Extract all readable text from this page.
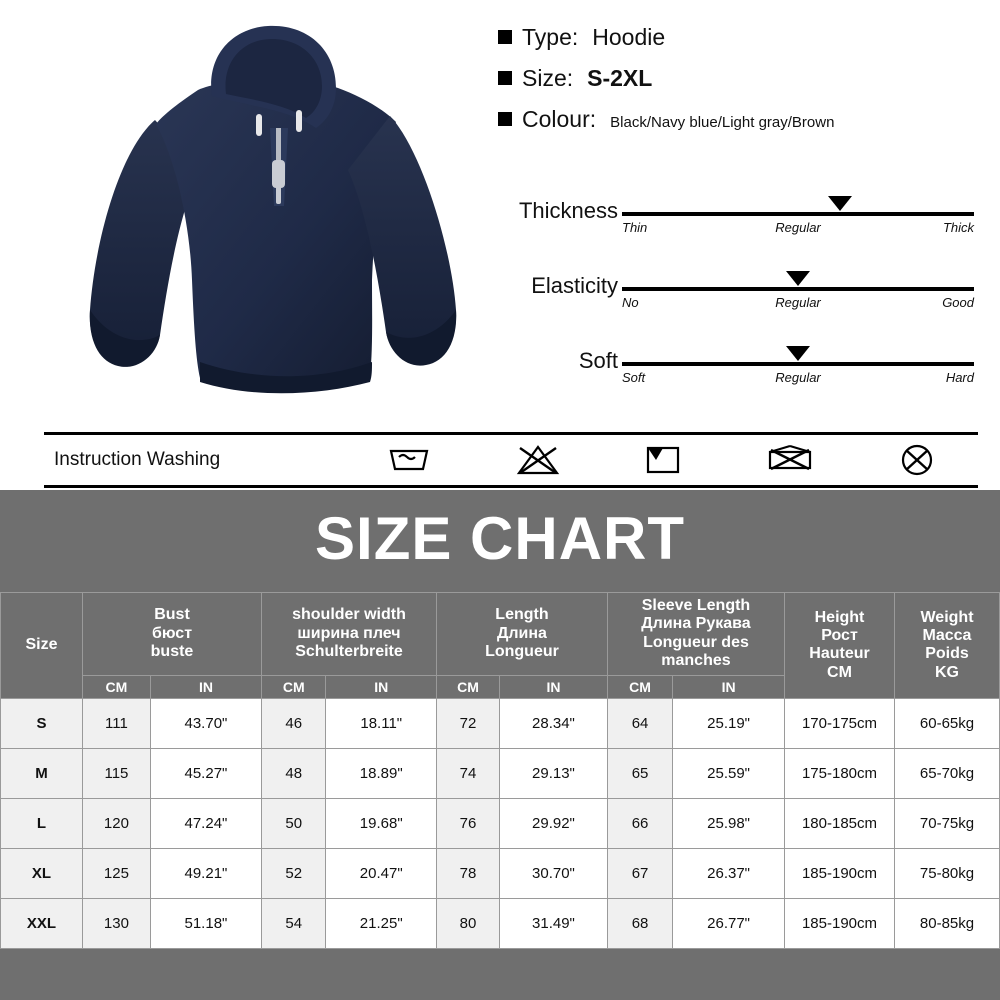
Type: Hoodie
Size: S-2XL
Colour: Black/Navy blue/Light gray/Brown
Thickness
Thin	Regular	Thick
Elasticity
No	Regular	Good
Soft
Soft	Regular	Hard
Instruction Washing
SIZE CHART
Size	
Bust
бюст
buste

shoulder width
ширина плеч
Schulterbreite

Length
Длина
Longueur

Sleeve Length
Длина Рукава
Longueur des
manches

Height
Рост
Hauteur
CM

Weight
Macca
Poids
KG

	CM	IN	CM	IN	CM	IN	CM	IN		
S	111	43.70"	46	18.11"	72	28.34"	64	25.19"	170-175cm	60-65kg
M	115	45.27"	48	18.89"	74	29.13"	65	25.59"	175-180cm	65-70kg
L	120	47.24"	50	19.68"	76	29.92"	66	25.98"	180-185cm	70-75kg
XL	125	49.21"	52	20.47"	78	30.70"	67	26.37"	185-190cm	75-80kg
XXL	130	51.18"	54	21.25"	80	31.49"	68	26.77"	185-190cm	80-85kg
